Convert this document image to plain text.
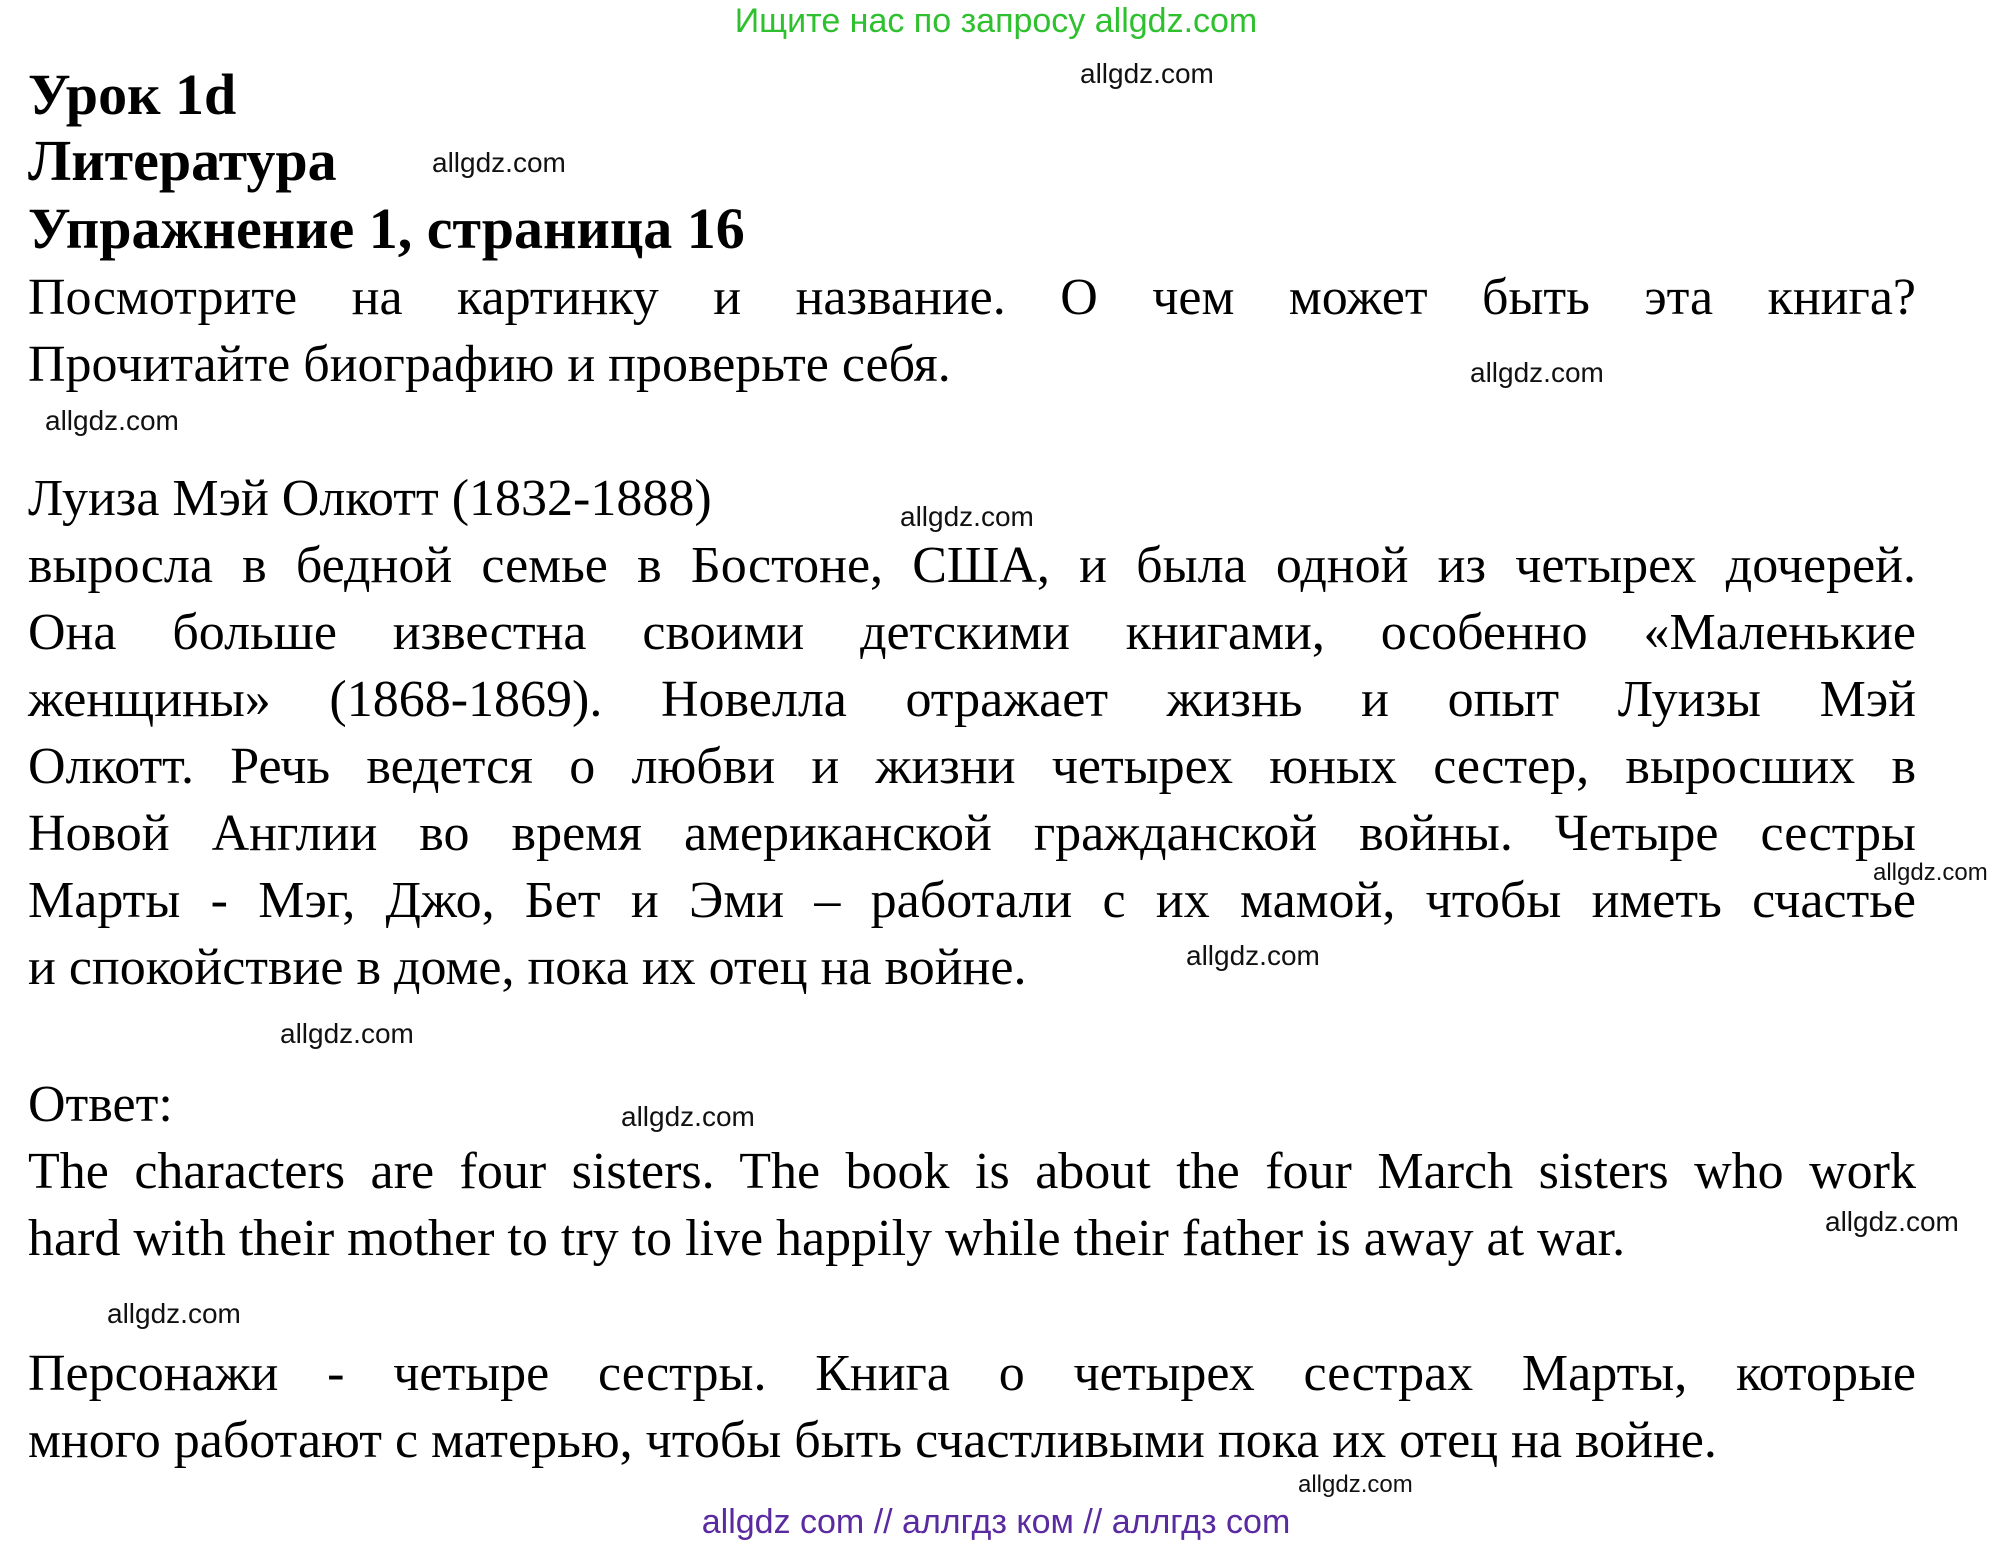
Ищите нас по запросу allgdz.com
Урок 1d
Литература
Упражнение 1, страница 16
Посмотрите на картинку и название. О чем может быть эта книга?
Прочитайте биографию и проверьте себя.
Луиза Мэй Олкотт (1832-1888)
выросла в бедной семье в Бостоне, США, и была одной из четырех дочерей.
Она больше известна своими детскими книгами, особенно «Маленькие
женщины» (1868-1869). Новелла отражает жизнь и опыт Луизы Мэй
Олкотт. Речь ведется о любви и жизни четырех юных сестер, выросших в
Новой Англии во время американской гражданской войны. Четыре сестры
Марты - Мэг, Джо, Бет и Эми – работали с их мамой, чтобы иметь счастье
и спокойствие в доме, пока их отец на войне.
Ответ:
The characters are four sisters. The book is about the four March sisters who work
hard with their mother to try to live happily while their father is away at war.
Персонажи - четыре сестры. Книга о четырех сестрах Марты, которые
много работают с матерью, чтобы быть счастливыми пока их отец на войне.
allgdz.com
allgdz.com
allgdz.com
allgdz.com
allgdz.com
allgdz.com
allgdz.com
allgdz.com
allgdz.com
allgdz.com
allgdz.com
allgdz.com
allgdz com // аллгдз ком // аллгдз com
